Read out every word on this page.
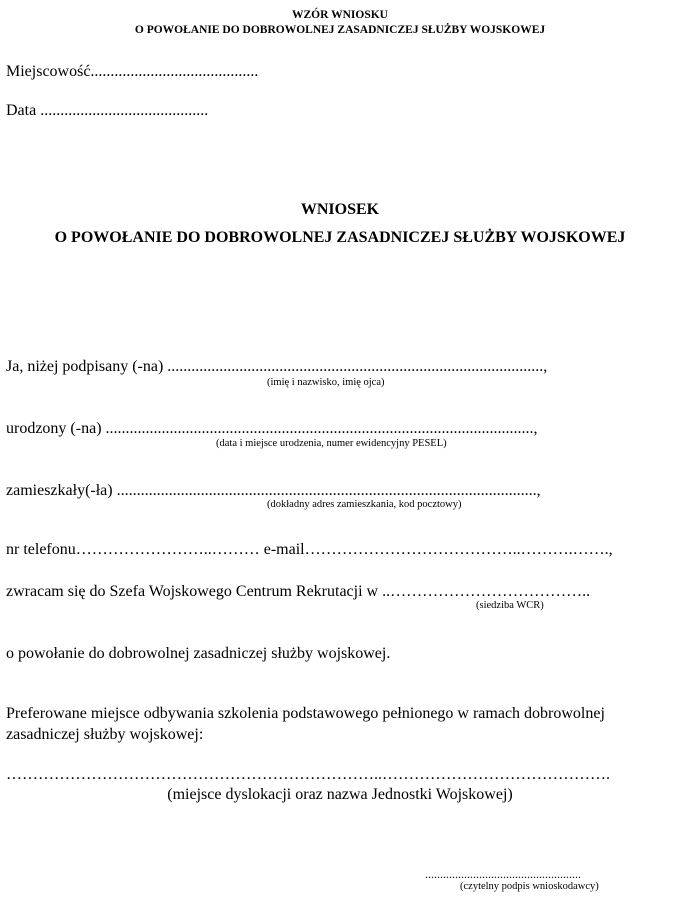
WZÓR WNIOSKU
O POWOŁANIE DO DOBROWOLNEJ ZASADNICZEJ SŁUŻBY WOJSKOWEJ
Miejscowość..........................................
Data ..........................................
WNIOSEK
O POWOŁANIE DO DOBROWOLNEJ ZASADNICZEJ SŁUŻBY WOJSKOWEJ
Ja, niżej podpisany (-na) ..............................................................................................,
(imię i nazwisko, imię ojca)
urodzony (-na) ...........................................................................................................,
(data i miejsce urodzenia, numer ewidencyjny PESEL)
zamieszkały(-ła) .........................................................................................................,
(dokładny adres zamieszkania, kod pocztowy)
nr telefonu……………………..……… e-mail…………………………………..……….…….,
zwracam się do Szefa Wojskowego Centrum Rekrutacji w ..………………………………..
(siedziba WCR)
o powołanie do dobrowolnej zasadniczej służby wojskowej.
Preferowane miejsce odbywania szkolenia podstawowego pełnionego w ramach dobrowolnej
zasadniczej służby wojskowej:
……………………………………………………………..…………………………………….
(miejsce dyslokacji oraz nazwa Jednostki Wojskowej)
....................................................
(czytelny podpis wnioskodawcy)
